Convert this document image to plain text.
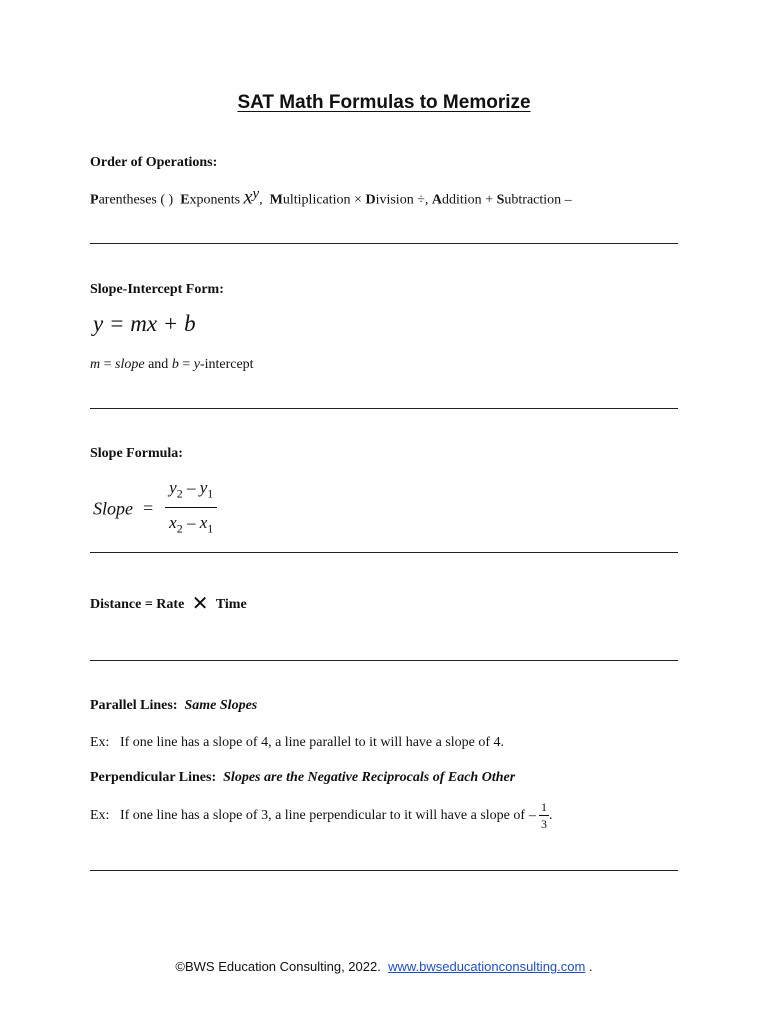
SAT Math Formulas to Memorize
Order of Operations:
Parentheses ( ) Exponents $x^y$,  Multiplication × Division ÷, Addition + Subtraction –
Slope-Intercept Form:
y = mx + b
m = slope and b = y-intercept
Slope Formula:
Slope = $\frac{y_2 - y_1}{x_2 - x_1}$
Distance = Rate ✕ Time
Parallel Lines: Same Slopes
Ex:   If one line has a slope of 4, a line parallel to it will have a slope of 4.
Perpendicular Lines: Slopes are the Negative Reciprocals of Each Other
Ex:   If one line has a slope of 3, a line perpendicular to it will have a slope of – $\frac{1}{3}$ .
©BWS Education Consulting, 2022. www.bwseducationconsulting.com .
